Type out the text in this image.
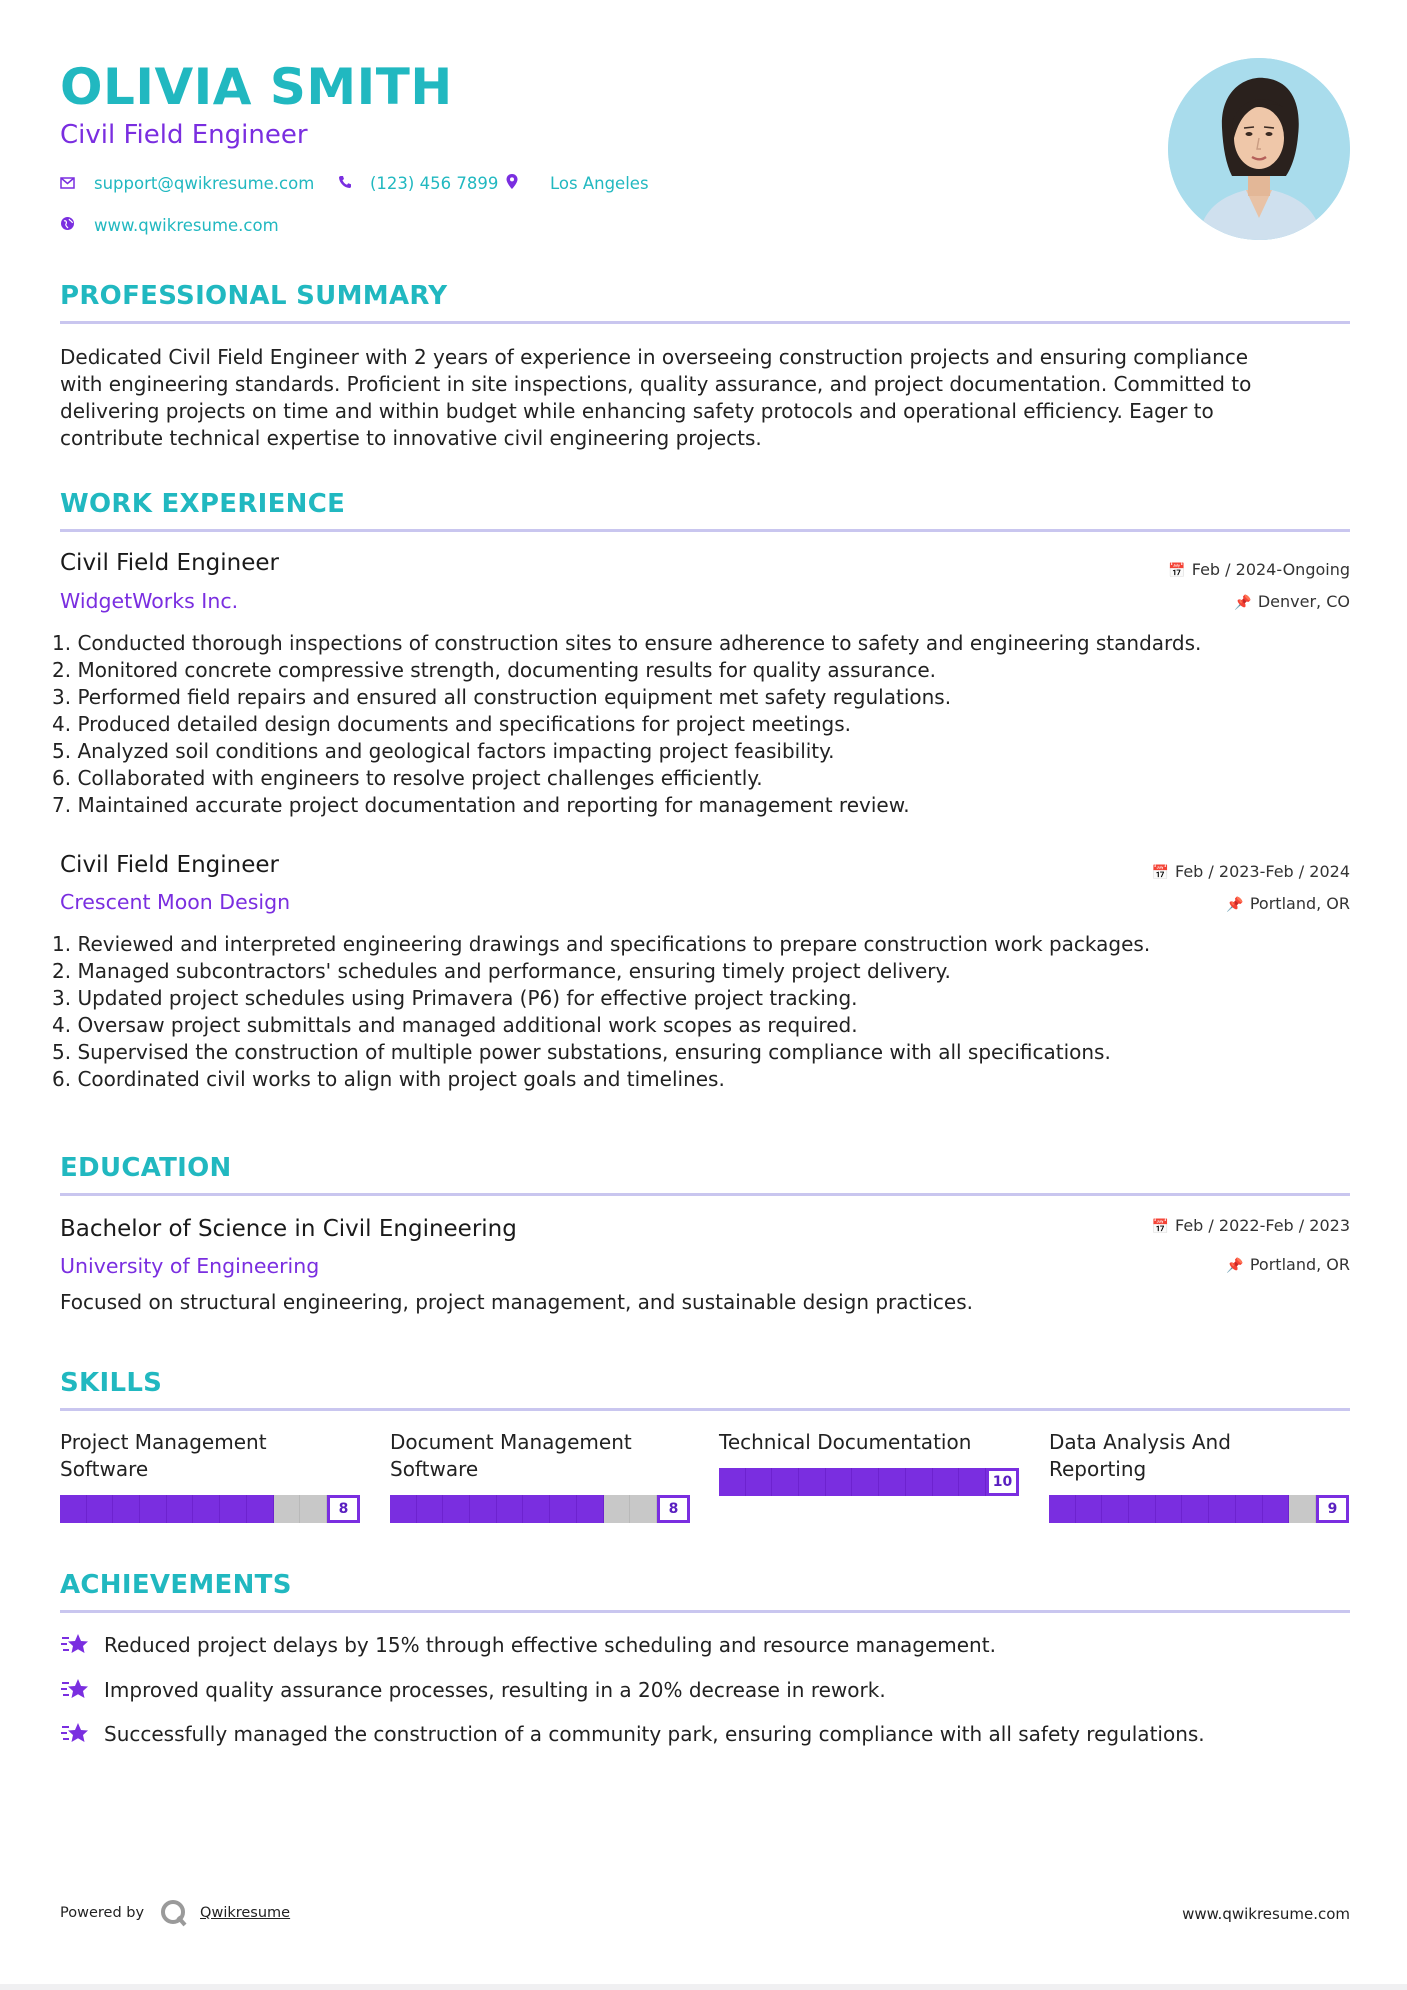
OLIVIA SMITH
Civil Field Engineer
support@qwikresume.com	(123) 456 7899	Los Angeles
www.qwikresume.com
PROFESSIONAL SUMMARY
Dedicated Civil Field Engineer with 2 years of experience in overseeing construction projects and ensuring compliance
with engineering standards. Proficient in site inspections, quality assurance, and project documentation. Committed to
delivering projects on time and within budget while enhancing safety protocols and operational efficiency. Eager to
contribute technical expertise to innovative civil engineering projects.
WORK EXPERIENCE
Civil Field Engineer
WidgetWorks Inc.
📅 Feb / 2024-Ongoing
📌 Denver, CO
1. Conducted thorough inspections of construction sites to ensure adherence to safety and engineering standards.
2. Monitored concrete compressive strength, documenting results for quality assurance.
3. Performed field repairs and ensured all construction equipment met safety regulations.
4. Produced detailed design documents and specifications for project meetings.
5. Analyzed soil conditions and geological factors impacting project feasibility.
6. Collaborated with engineers to resolve project challenges efficiently.
7. Maintained accurate project documentation and reporting for management review.
Civil Field Engineer
Crescent Moon Design
📅 Feb / 2023-Feb / 2024
📌 Portland, OR
1. Reviewed and interpreted engineering drawings and specifications to prepare construction work packages.
2. Managed subcontractors' schedules and performance, ensuring timely project delivery.
3. Updated project schedules using Primavera (P6) for effective project tracking.
4. Oversaw project submittals and managed additional work scopes as required.
5. Supervised the construction of multiple power substations, ensuring compliance with all specifications.
6. Coordinated civil works to align with project goals and timelines.
EDUCATION
Bachelor of Science in Civil Engineering
University of Engineering
📅 Feb / 2022-Feb / 2023
📌 Portland, OR
Focused on structural engineering, project management, and sustainable design practices.
SKILLS
Project Management
Software
8
Document Management
Software
8
Technical Documentation
10
Data Analysis And
Reporting
9
ACHIEVEMENTS
Reduced project delays by 15% through effective scheduling and resource management.
Improved quality assurance processes, resulting in a 20% decrease in rework.
Successfully managed the construction of a community park, ensuring compliance with all safety regulations.
Powered by	Qwikresume	www.qwikresume.com
